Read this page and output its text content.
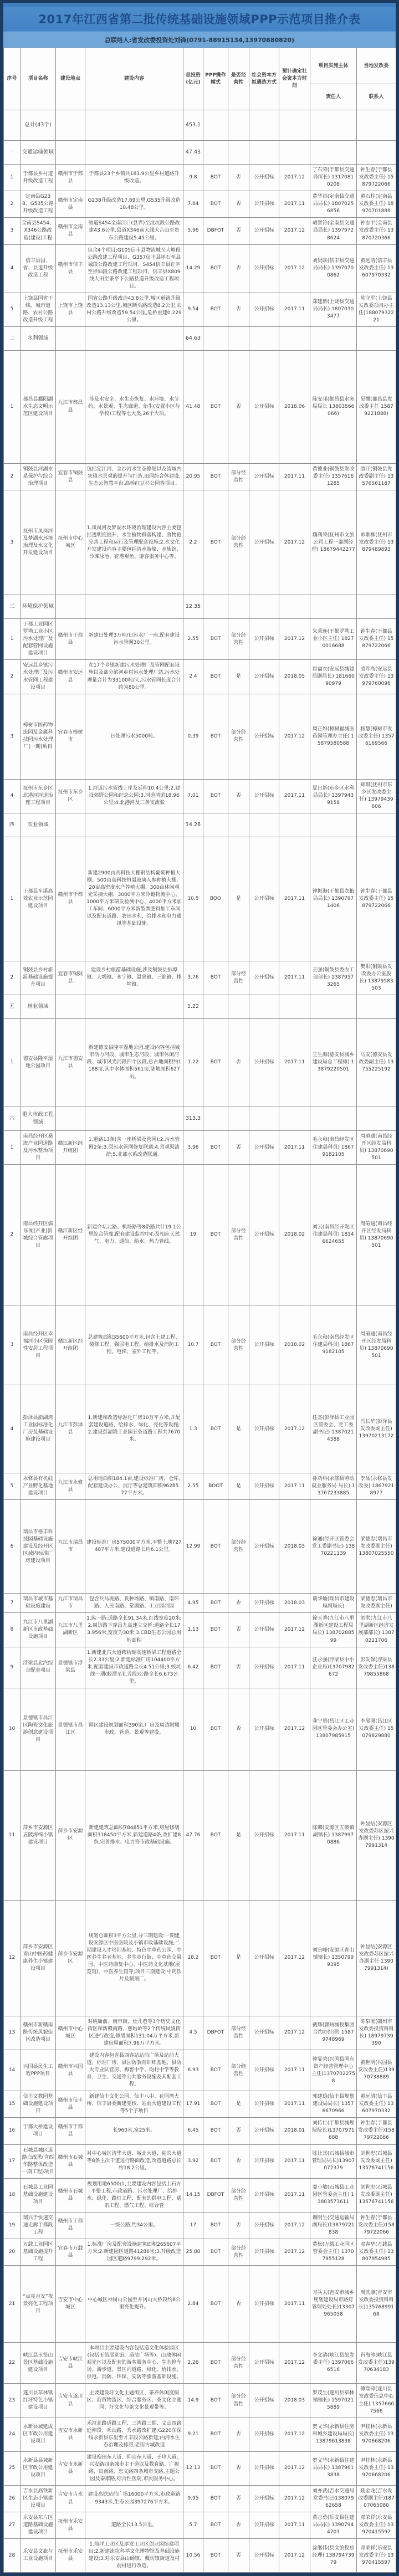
2017年江西省第二批传统基础设施领域PPP示范项目推介表
总联络人:省发改委投资处刘锋(0791-88915134,13970880820)
序号	项目名称	建设地点	建设内容	总投资(亿元)	PPP操作模式	是否经营性	社会资本方拟遴选方式	预计确定社会资本方时间	项目实施主体	当地发改委
									责任人	联系人
	总计(43个)			453.1						
一	交通运输领域			47.43						
1	于都县乡村道升级改造工程	赣州市于都县	于都县23个乡镇共183.9公里乡村道路升级改造。	9.8	BOT	否	公开招标	2017.12	丁石荣(于都县交通局所长) 13170810208	钟生春(于都县发改委主任) 15879722066
2	定南县G238、G535公路升级改造工程	赣州市定南县	G238升级改造17.69公里,G535升级改造10.48公里。	7.84	BOT	否	公开招标	2017.11	黄华添(定南县交通局局长) 18070256856	黄石柱(定南县发改委主任) 18970701888
3	全南县S454、X346公路改造(建设)工程	赣州市全南县	省道S454全南江口(县界)至汶坑段公路改建43.6公里,县道X346南大线大吉山至贵东公路建设5.45公里。	5.96	DBFOT	否	公开招标	2017.12	胡智铃(全南县交通局局长) 13979728624	钟志平(全南县发改委主任) 13870720366
4	信丰县国、省、县道升级改造工程	赣州市信丰县	包含4个项目:G105信丰县物流城至大塘段公路改建工程项目、G357信丰县坪石至县城段公路改建工程项目、S454信丰县正平至崇仙段公路改建工程项目、信丰县X809线大田至茶亭下公路县道升级改造工程项目。	14.29	BOT	否	公开招标	2017.12	刘贤联(信丰县交通局局长) 13970700862	黄远清(信丰县发改委主任) 13607970332
5	上饶县国省干线、城市道路、农村公路改造升级工程	上饶市上饶县	国省公路升级改造43.8公里,城区道路升级改造13.13公里,城区断头路改造8.2公里,农村公路升级改造59.54公里,危桥重建0.229公里。	9.54	BOT	否	公开招标	2017.11	郑建新(上饶县交通局局长) 18070303477	陈守军(上饶县发改委项目办主任)18807932221
二	水利领域			64.63						
1	都昌县鄱阳湖水生态文明示范区建设项目	九江市都昌县	涉及水安全、水生态恢复、水环境、水节约、水景观、生态廊道、衍生(安置小区与学校)工程等七大类,26个大项。	41.48	BOT	否	公开招标	2018.06	陈安邦(都昌县水务局局长 13803566066)	吴慨(都昌县发改委主任 15879221888)
2	铜鼓县河湖水系保护与综合治理项目	宜春市铜鼓县	包括定江河、金沙河水生态修复以及流域内集镇水景观的提升与打造,田园综合体建设,生态云智慧平台,高桥红豆杉公园等项目。	20.95	BOT	部分经营性	公开招标	2017.11	黄德业(铜鼓县发改委主任) 13576161285	唐江(铜鼓县发改委副主任) 13576561187
3	抚州市凤岗河及梦湖水环境治理及水文化开发建设项目	抚州市中心城区	1.凤岗河及梦湖水环境治理建设内容主要包括透明度提升、水生植物群落构建、食物链完善工程和运行及管理配套设施;2.水文化开发建设内容主要包括清水游船、水族馆、沙滩泳池、花港观鱼、游客服务中心等。	2.2	BOT	部分经营性	公开招标	2017.12	魏利荣(抚州市文旅公司工程一部副经理) 18679442277	帅歌柳(抚州市发改委主任) 13879489893
三	环境保护领域			12.35						
1	于都工业园区罗坳工业小区污水处理厂及配套管网设施建设项目	赣州市于都县	新建日处理3万吨/日污水厂一座,配套建设污水管网30公里。	2.55	BOT	部分经营性	公开招标	2017.12	朱秉连(于都罗坳工业小区主任) 18270016688	钟生春(于都县发改委主任) 15879722066
2	安远县乡镇污水处理厂及污水管网工程建设项目	赣州市安远县	在17个乡镇新建污水处理厂及管网配套设施以及部分滨河乡村污水处理厂站,污水处理量合计为33100吨/天,污水管网长度合计约为80公里。	2.4	BOT	是	公开招标	2018.05	唐福衣(安远县城建局副局长) 18166090979	凌昨高(安远县发改委主任) 13979760096
3	樟树市医药物流园及金属科技园污水处理厂(一期)项目	宜春市樟树市	日处理污水5000吨。	0.39	BOT	部分经营性	公开招标	2017.12	周正如(樟树福城医药园管理办主任) 15879580588	杨慧(樟树市发改委主任) 13576169566
4	抚州市东乡区北港河河道治理工程项目	抚州市东乡区	1.河道污水管线上岸及延伸10.4公里;2.建设郊野公园和纪念公园;3.河道清淤18.96公里;4.北港河及三条支流驳	7.01	BOT	否	公开招标	2017.11	夏日新(东乡区水利局局长) 13979439158	郑琪(抚州市东乡区发改委主任) 13979439606
四	农业领域			14.26						
1	于都县车溪高效农业示范园建设项目	赣州市于都县	新建2900亩高科技大棚钢结构葡萄种植大棚、500亩高科技恒温玻璃人参种植大棚、20亩高密度水产养殖大棚、300亩休闲观光采摘大棚、3000平方米冷链物流中心、1000平方米研发检测中心、4000平方米加工车间、6000平方米新型粪肥料加工车间以及配套道路、农田水利、给排水和电力通讯等基础设施。	10.5	BOO	是	公开招标	2017.11	钟振海(于都县农粮局局长) 13907971406	钟生春(于都县发改委主任) 15879722066
2	铜鼓县乡村旅游基础设施提升项目	宜春市铜鼓县	建设乡村旅游基础设施,涉及铜鼓县排埠镇、大塅镇、永宁镇、温泉镇、三都镇、排埠镇。	3.76	BOT	部分经营性	公开招标	2017.11	王强(铜鼓县委农工部部长) 13879573265	樊阳(铜鼓县发改委办公室股长) 13879583503
五	林业领域			1.22						
1	德安县隆平湿地公园项目	九江市德安县	新建德安县隆平湿地公园,建设内容包括城市活力河段、城市生态河段、城市休闲河段、城市风光河段四个区段,总占地面积约1188亩,其中水体面积561亩,陆地面积627亩。	1.22	BOT	否	公开招标	2017.11	王生海(德安县城乡建设局总工程师) 13879220501	马安(德安县发改委副主任) 13755225192
六	重大市政工程领域			313.3						
1	南昌经开区桑海产业园道路及污水整治项目	赣江新区经开组团	1.道路13条(含一座桥梁及管网);2.污水管网2条;3.原污水管网修复联通;4.景观渠清淤;5.北部水系改造联通。	3.96	BOT	否	公开招标	2017.11	毛永和(南昌经发区住建局科员) 18679182105	周碹通(南昌经开区经发局科员) 13870690501
2	南昌经开区儒乐湖(产业)新城综合管廊项目	赣江新区经开组团	新建介坛北路、机场路等8条路共计19.1公里综合管廊,配套建设监控中心及相应天然气、电力、通信、给水、热力管线。	19	BOT	部分经营性	公开招标	2018.02	刘云(南昌经开发区住建局科员) 18146624655	周碹通(南昌经开区经发局科员) 13870690501
3	南昌经开区幸福河小区保障性安居工程项目	赣江新区经开组团	总建筑面积35600平方米,包含土建工程、装修工程、强弱电工程、给排水及消防工程、电梯、室外工程等。	10.7	BOT	部分经营性	公开招标	2018.02	毛永和(南昌经发区住建局科员) 18679182105	周碹通(南昌经开区经发局科员) 13870690501
4	彭泽县澎湖湾工业园标准化厂房及基础设施建设项目	九江市彭泽县	1.新建和改造标准化厂房10万平方米,并配套建设道路、给排水、绿化、亮化等设施;2.建设彭湖湾工业园五条道路工程共7670米。	1.3	BOT	是	公开招标	2017.12	任杰(彭泽县工业园区管委会、党工委副书记) 13870214388	冯长华(彭泽县发改委副主任) 13970213172
5	永修县有机硅产业孵化基地建设项目	九江市永修县	总用地面积184.1亩,建设标准厂房、仓库,配套建设办公、展厅等总建筑面积96285.77平方米。	2.55	BOOT	是	公开招标	2017.11	孙功科(永修县劳动就业服务局 局长) 13767233885	李晶(永修县发改委) 18679218977
6	瑞昌市格丰科技园基础设施建设及经开区区域内标准厂房建设项目	九江市瑞昌市	建设标准厂房575000平方米,平整土地727487平方米,建设道路长约6.1公里。	12.99	BOT	部分经营性	公开招标	2018.03	徐通(经开区管委会党工委副书记) 13870221139	梁德忠(瑞昌市发改委副主任) 13807025550
7	瑞昌市城市基础设施建设	九江市瑞昌市	包含兵马垅路、良种场路、镇南路、南环路、人民南路、棠湖路、工业园西园	4.95	BOT	否	公开招标	2018.03	谈华灿(瑞昌市建设局副局长)	梁德忠(瑞昌市发改委副主任)
8	九江市八里湖新区市政基础设施项目	九江市八里湖新区	1.纵一路:道路全长91.34米,红线宽度20米;2.周访路下穿昌九高速立交桥:道路全长173.956米,宽度为30米;3.CBD生态公园总用地面积	1.13	BOT	否	公开招标	2017.12	徐玉著(九江市八里湖新区建设工程局局长) 13870288599	刘洪(九江市八里湖新区经济发展部部长) 13870221706
9	浮梁县北汽综合配套项目	景德镇市浮梁县	1.新建北汽大道跨杭瑞高速桥梁工程道路全长2.33公里;2.新建标准厂房104400平方米,配套建设市政道路全长4.51公里;3.蛟坑线一期(蛟潭至礼芳段)公路全长6.673公里。	6.42	BOT	否	公开招标	2017.11	汪永强(浮梁县中小企业局)13707982672	彭发保(浮梁县发改委主任)13879855868
10	景德镇市昌江区陶瓷文化旅游创意建设项目	景德镇市昌江区	园区建设规划面积390亩,厂房及周边附属市政、管道、景观等建设。	10	BOT	否	公开招标	2017.12	龚宁勇(昌江区工业园区管委会办公室) 13807985915	李展图(昌江区发改委主任) 15079829880
11	萍乡市安源区五陂海绵小镇建设项目	萍乡市安源区	新建建筑总面积784851平方米,房屋修缮面积318450平方米,新建道路4条,改扩建8条,完善排水、电力等市政基础设施。	47.76	BOT	是	公开招标	2017.11	陈娜(安源区五陂镇副镇长) 13879970886	钟显结(安源区发改委苏区振兴办副主任) 13907991314
12	萍乡市安源区青山中医药健康养生小镇建设项目	萍乡市安源区	规划总面积3平方公里,分三期建设:一期建设安源区中医医院及小镇市政基础设施;二期建设人才培训基地、特色中草药公园、中医养生养老基地、养生步行街、中草药交易园、中医药康复中心、中医药文化基地(展览馆)、中医养生馆等;项目三期建设:中药饮片及制剂厂。	28.2	BOT	是	公开招标	2017.12	刘宗峰(安源区青山镇镇长) 13507999395	钟显结(安源区发改委苏区振兴办副主任 13907991314)
13	赣州市新赣南路传统风貌街区改造项目	赣州市中心城区	对姚衙前、南市街、灶儿巷等3个历史文化街区和新赣南路、慈姑岭等2个传统风貌街区进行改造,修缮面积131.04万平方米,新建房屋面积7.96万平方米。	4.5	DBFOT	部分经营性	公开招标	2017.12	戴辉(赣州城投集团合约办经理) 15879748969	陈泉凇(赣州市发改委投资科科长) 18979739390
14	兴国县民生工程PPP项目	赣州市兴国县	建设内容包含县西客站站前广场及站前大道、标准厂房、县国防教育训练基地、县防火专业队营房、梅窖中学、均村中学等教育、卫生、交通等公共服务设施及其配套工程。	6.93	BOT	部分经营性	公开招标	2017.11	钟显荣(兴国县国有资产经营管理中心主任)13707022758	黄世明(兴国县发改委主任)13970738889
15	信丰文教园基础设施建设项目	赣州市信丰县	新建信丰文化公园、信丰八中、花园湾大桥、信丰县委新建党校、站前大道建设工程等5个子项目	17.91	BOT	是	公开招标	2017.11	郭建雄(信丰县规划建设局局长) 13576670966	黄远清(信丰县发改委主任) 13607970332
16	于都大桥建设项目	赣州市于都县	长960米,宽25米。	6.45	BOT	否	公开招标	2018.01	刘传仁(于都县城规院院长)13707971688	钟生春(于都县发改委主任)15879722066
17	石城县城区道路白改黑(含西华路整体改造一期工程)项目	赣州市石城县	对中心城区清华大道、城北大道、迎宾大道等8条主次干道进行路面改造,改造道路总长约18.2公里。	3.92	BOT	否	公开招标	2017.11	陈让其(石城县城市管理局局长)13907072379	刘世忠(石城县发改委副主任) 13576741156
18	石城县工业园基础设施建设项目	赣州市石城县	规划用地6500亩,主要建设内容包括土石方平整工程,市政道路、污水处理厂、给排水、绿化、路灯工程、配套的供电工程、通讯工程、燃气工程、综合管	14.15	DBFOT	部分经营性	公开招标	2017.11	娄小敏(石城县工业园区管委会主任) 13803573611	刘世忠(石城县发改委副主任) 13576741156
19	瑞兴于快速交通走廊于都段工程	赣州市于都县	一级公路,约34公里。	17	BOT	否	公开招标	2017.12	谢明生(交通运输局副局长)13879721838	钟生春(于都县发改委主任)15879722066
20	万载工业园区基础设施提升工程	宜春市万载县	1.标准厂房及配套设施建筑面积265607平方米;2.新建园区道路41286米;3.升级改造园区道路9799.292米。	25.88	BOT	部分经营性	公开招标	2017.12	黄松(万载工业园区管委会主任) 13707955128	邓春华(万载县发改委主任) 13807954985
21	“点亮吉安”夜景亮化工程项目	吉安市中心城区	中心城区神岗山公园至井冈山大桥段约8公里亮化提升。	2.84	BOT	否	公开招标	2017.11	习兵太(吉安市城乡规划建设局市路灯管理处处长)13307965058	周其康(吉安市发改委投资科科长)13576899168
22	峡江县玉笥山景区基础设施建设项目	吉安市峡江县	本项目主要建设内容包括道文化体验园区(包括玉笥展览馆、道法广场等)、山地休闲观光区以及配套的游客服务中心、生态停车场、游步道、景区内道路、绿化、给排水、供电、消防、环保、安防等旅游基础设施。	2.26	BOT	部分经营性	公开招标	2017.12	李文清(峡江县旅发委主任) 13970666516	肖海涛(峡江县发改委主任)13970634183
23	遂川县草林镇红圩特色小镇建设项目	吉安市遂川县	主要建设圩文化主题街区、茶养休闲度假区、商贸物流区、综合服务区、茶文化主题园、圩文化与茶文化景观带等。	14.9	BOT	部分经营性	公开招标	2018.03	罗茂生(遂川县草林镇镇长) 15970215889	傅瑞萍(遂川县发改委信息中心主任) 13576607566
24	永新县城建成区市政公用建设项目	吉安市永新县	禾河北路道路工程、三湾路三期、义山西路延伸段、禾山路、秀水路改扩建;G220东深线永新县东里至才丰段公路新建;内河水生态治理及排涝;老街古城改造	9.21	BOT	否	公开招标	2017.12	贺文华(永新县住房和城乡建设局局长) 13879613838	尹桂林(永新县发改委主任) 13970668206
25	永新县县城新区市政公用建设项目	吉安市永新县	建设袍田东大道、仰山东大道、子珍大道、兴安路四条城市主干道以及教育路、广福路、田南路、忠义路四条城市支路,主题公园及泰康路,综合性医院,市民服务中心。	12.13	BOT	否	公开招标	2017.12	贺文华(永新县住建局局长) 13879613838	尹桂林(永新县发改委主任) 13970668206
26	吉水县高铁新区生态小镇建设项目	吉安市吉水县	建设高铁站前广场16000平方米,市政道路9343米,生态公园397276平方米。	9.95	BOT	否	公开招标	2017.12	刘亦武(吉水交通局党委书记)13807962658	聂金龙(吉水发改委副主任)18707065080
27	乐安县东片区道路基础设施建设项目	抚州市乐安县	道路全长13.5公里。	5.7	BOT	否	公开招标	2017.11	黄志勇(乐安县住建局局长) 13907944703	邓荣祥(乐安县发改委主任) 13970415597
28	乐安县文旅与工业设施项目	抚州市乐安县	1.前坪工业区及厚发工业区创业园续建项目;2.新建流坑科举文化博物馆及基础设施建设;3.对乐安县山砀镇、戴坊镇街道及村前村进行改造。	10.56	BOT	否	公开招标	2017.12	涂继伟(县文旅投总经理) 13879473979	邓荣祥(乐安县发改委主任) 13970415597
